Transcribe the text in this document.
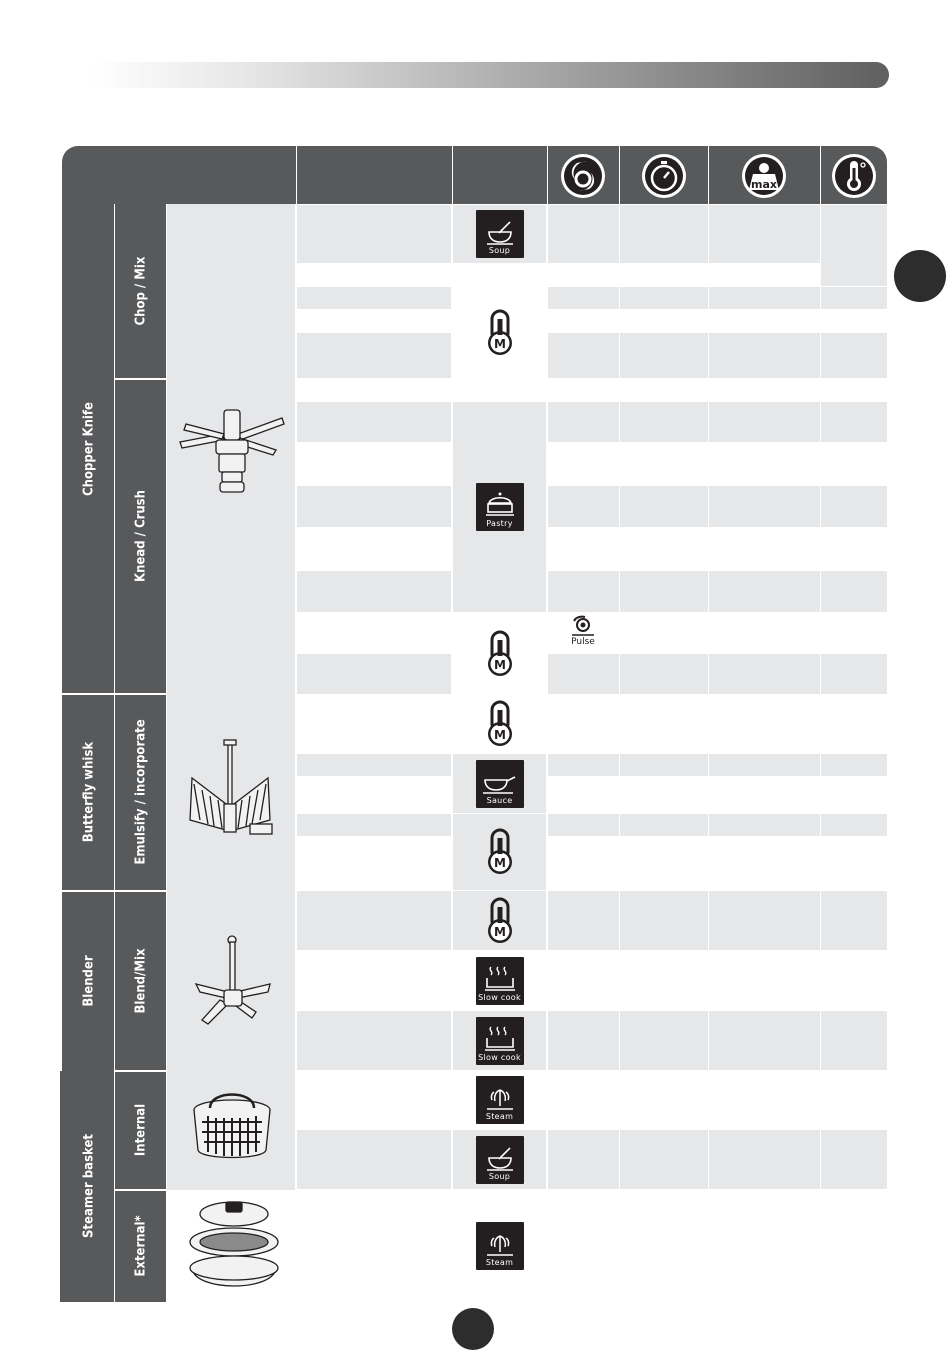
max
Soup
M
Pastry
M
M
Sauce
M
M
Slow cook
Slow cook
Steam
Soup
Steam
Pulse
Chopper Knife
Butterfly whisk
Blender
Steamer basket
Chop / Mix
Knead / Crush
Emulsify / incorporate
Blend/Mix
Internal
External*
